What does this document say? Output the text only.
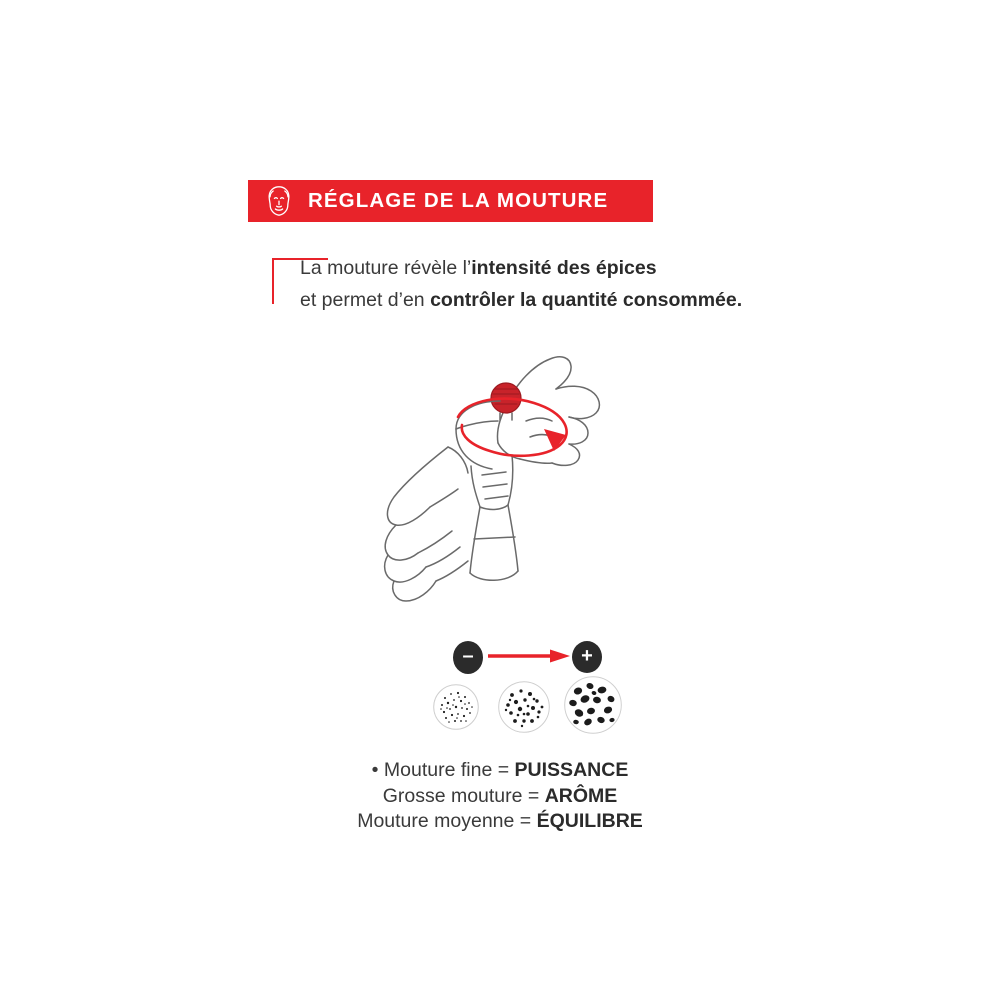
RÉGLAGE DE LA MOUTURE
La mouture révèle l’intensité des épices
et permet d’en contrôler la quantité consommée.
–	+
• Mouture fine = PUISSANCE
Grosse mouture = ARÔME
Mouture moyenne = ÉQUILIBRE
